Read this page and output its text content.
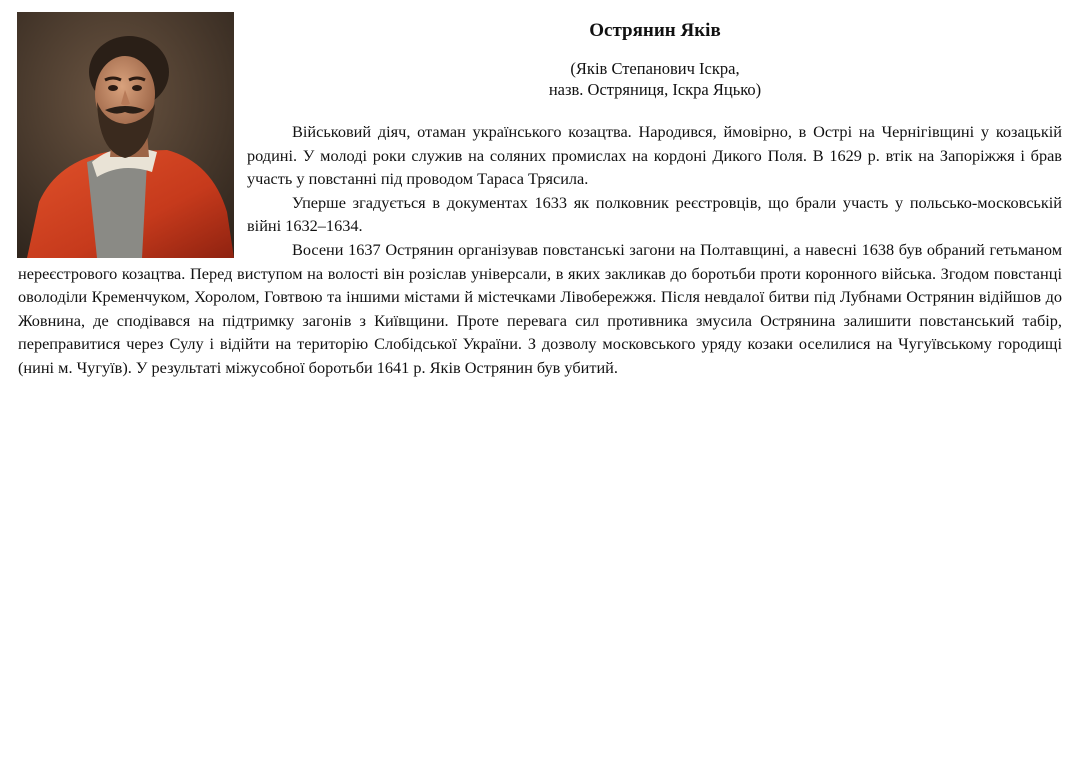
Острянин Яків
(Яків Степанович Іскра,
назв. Остряниця, Іскра Яцько)

Військовий діяч, отаман українського козацтва. Народився, ймовірно, в Острі на Чернігівщині у козацькій родині. У молоді роки служив на соляних промислах на кордоні Дикого Поля. В 1629 р. втік на Запоріжжя і брав участь у повстанні під проводом Тараса Трясила.

Уперше згадується в документах 1633 як полковник реєстровців, що брали участь у польсько-московській війні 1632–1634.

Восени 1637 Острянин організував повстанські загони на Полтавщині, а навесні 1638 був обраний гетьманом нереєстрового козацтва. Перед виступом на волості він розіслав універсали, в яких закликав до боротьби проти коронного війська. Згодом повстанці оволоділи Кременчуком, Хоролом, Говтвою та іншими містами й містечками Лівобережжя. Після невдалої битви під Лубнами Острянин відійшов до Жовнина, де сподівався на підтримку загонів з Київщини. Проте перевага сил противника змусила Острянина залишити повстанський табір, переправитися через Сулу і відійти на територію Слобідської України. З дозволу московського уряду козаки оселилися на Чугуївському городищі (нині м. Чугуїв). У результаті міжусобної боротьби 1641 р. Яків Острянин був убитий.
